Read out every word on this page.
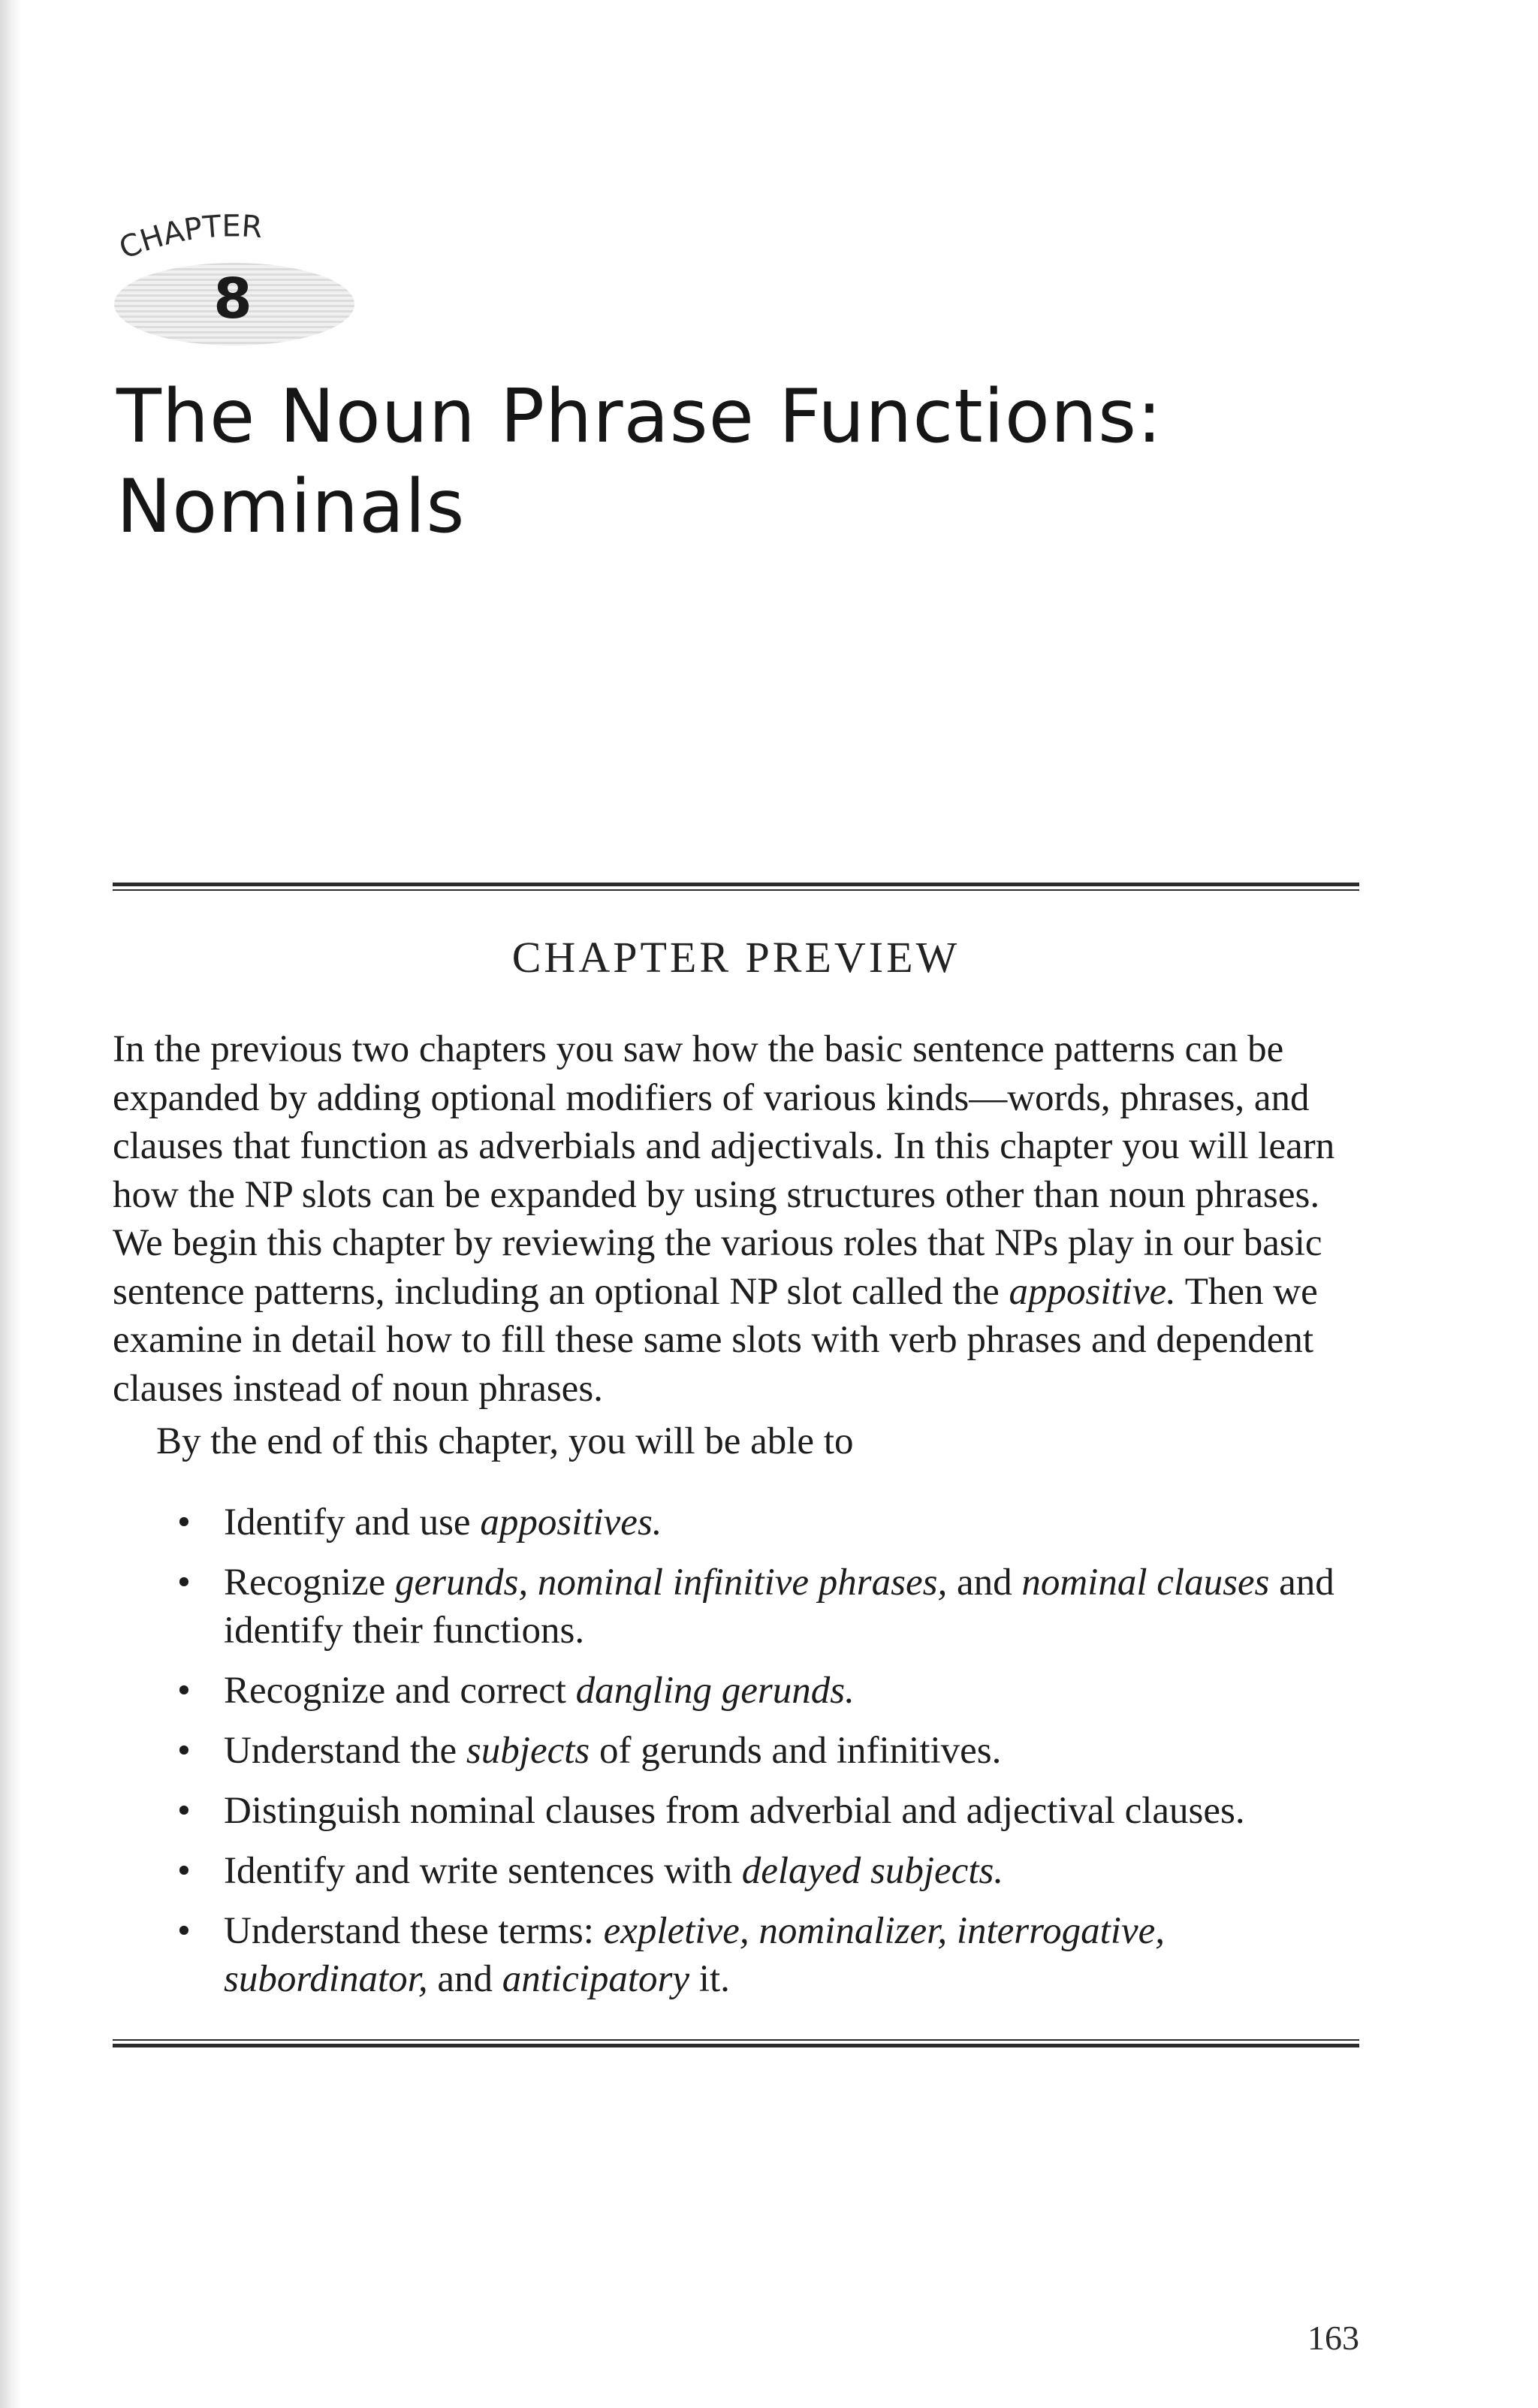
CHAPTER
8
The Noun Phrase Functions:
Nominals
CHAPTER PREVIEW

In the previous two chapters you saw how the basic sentence patterns can be expanded by adding optional modifiers of various kinds—words, phrases, and clauses that function as adverbials and adjectivals. In this chapter you will learn how the NP slots can be expanded by using structures other than noun phrases. We begin this chapter by reviewing the various roles that NPs play in our basic sentence patterns, including an optional NP slot called the appositive. Then we examine in detail how to fill these same slots with verb phrases and dependent clauses instead of noun phrases.

By the end of this chapter, you will be able to

•
Identify and use appositives.
•
Recognize gerunds, nominal infinitive phrases, and nominal clauses and identify their functions.
•
Recognize and correct dangling gerunds.
•
Understand the subjects of gerunds and infinitives.
•
Distinguish nominal clauses from adverbial and adjectival clauses.
•
Identify and write sentences with delayed subjects.
•
Understand these terms: expletive, nominalizer, interrogative, subordinator, and anticipatory it.
163
